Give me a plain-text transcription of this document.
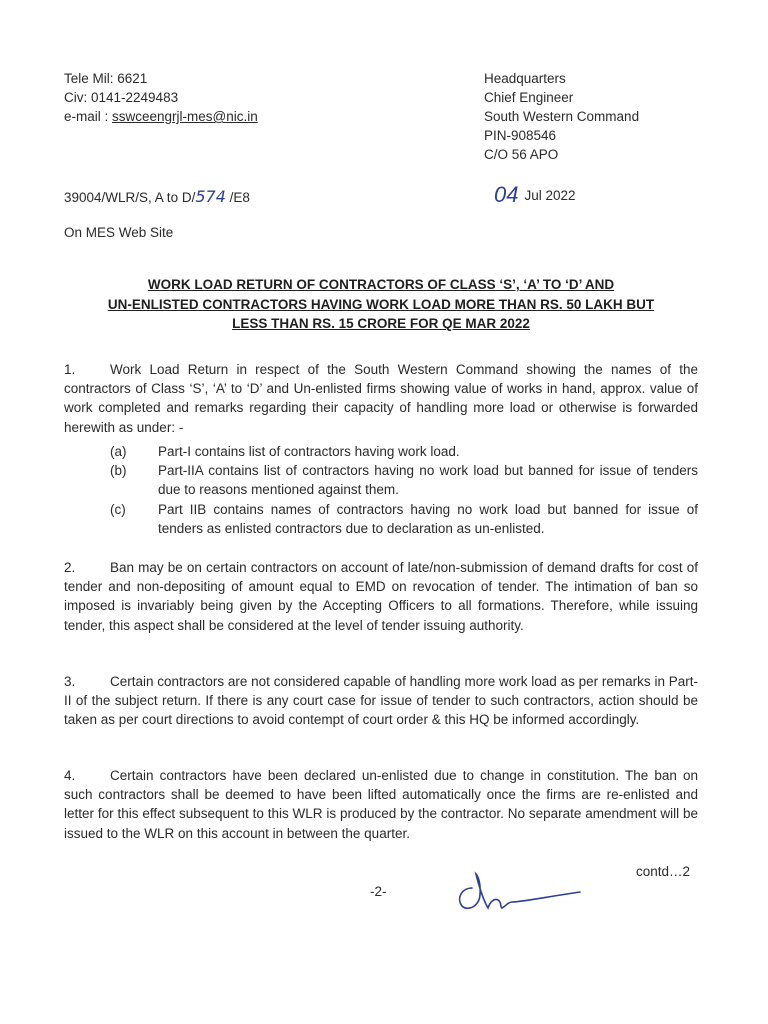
Tele Mil: 6621
Civ: 0141-2249483
e-mail : sswceengrjl-mes@nic.in
Headquarters
Chief Engineer
South Western Command
PIN-908546
C/O 56 APO
39004/WLR/S, A to D/574 /E8	04 Jul 2022
On MES Web Site
WORK LOAD RETURN OF CONTRACTORS OF CLASS ‘S’, ‘A’ TO ‘D’ AND
UN-ENLISTED CONTRACTORS HAVING WORK LOAD MORE THAN RS. 50 LAKH BUT
LESS THAN RS. 15 CRORE FOR QE MAR 2022

1.	Work Load Return in respect of the South Western Command showing the names of the contractors of Class ‘S’, ‘A’ to ‘D’ and Un-enlisted firms showing value of works in hand, approx. value of work completed and remarks regarding their capacity of handling more load or otherwise is forwarded herewith as under: -

(a)	Part-I contains list of contractors having work load.
(b)	Part-IIA contains list of contractors having no work load but banned for issue of tenders due to reasons mentioned against them.
(c)	Part IIB contains names of contractors having no work load but banned for issue of tenders as enlisted contractors due to declaration as un-enlisted.

2.	Ban may be on certain contractors on account of late/non-submission of demand drafts for cost of tender and non-depositing of amount equal to EMD on revocation of tender. The intimation of ban so imposed is invariably being given by the Accepting Officers to all formations. Therefore, while issuing tender, this aspect shall be considered at the level of tender issuing authority.

3.	Certain contractors are not considered capable of handling more work load as per remarks in Part-II of the subject return. If there is any court case for issue of tender to such contractors, action should be taken as per court directions to avoid contempt of court order & this HQ be informed accordingly.

4.	Certain contractors have been declared un-enlisted due to change in constitution. The ban on such contractors shall be deemed to have been lifted automatically once the firms are re-enlisted and letter for this effect subsequent to this WLR is produced by the contractor. No separate amendment will be issued to the WLR on this account in between the quarter.

contd…2
-2-
